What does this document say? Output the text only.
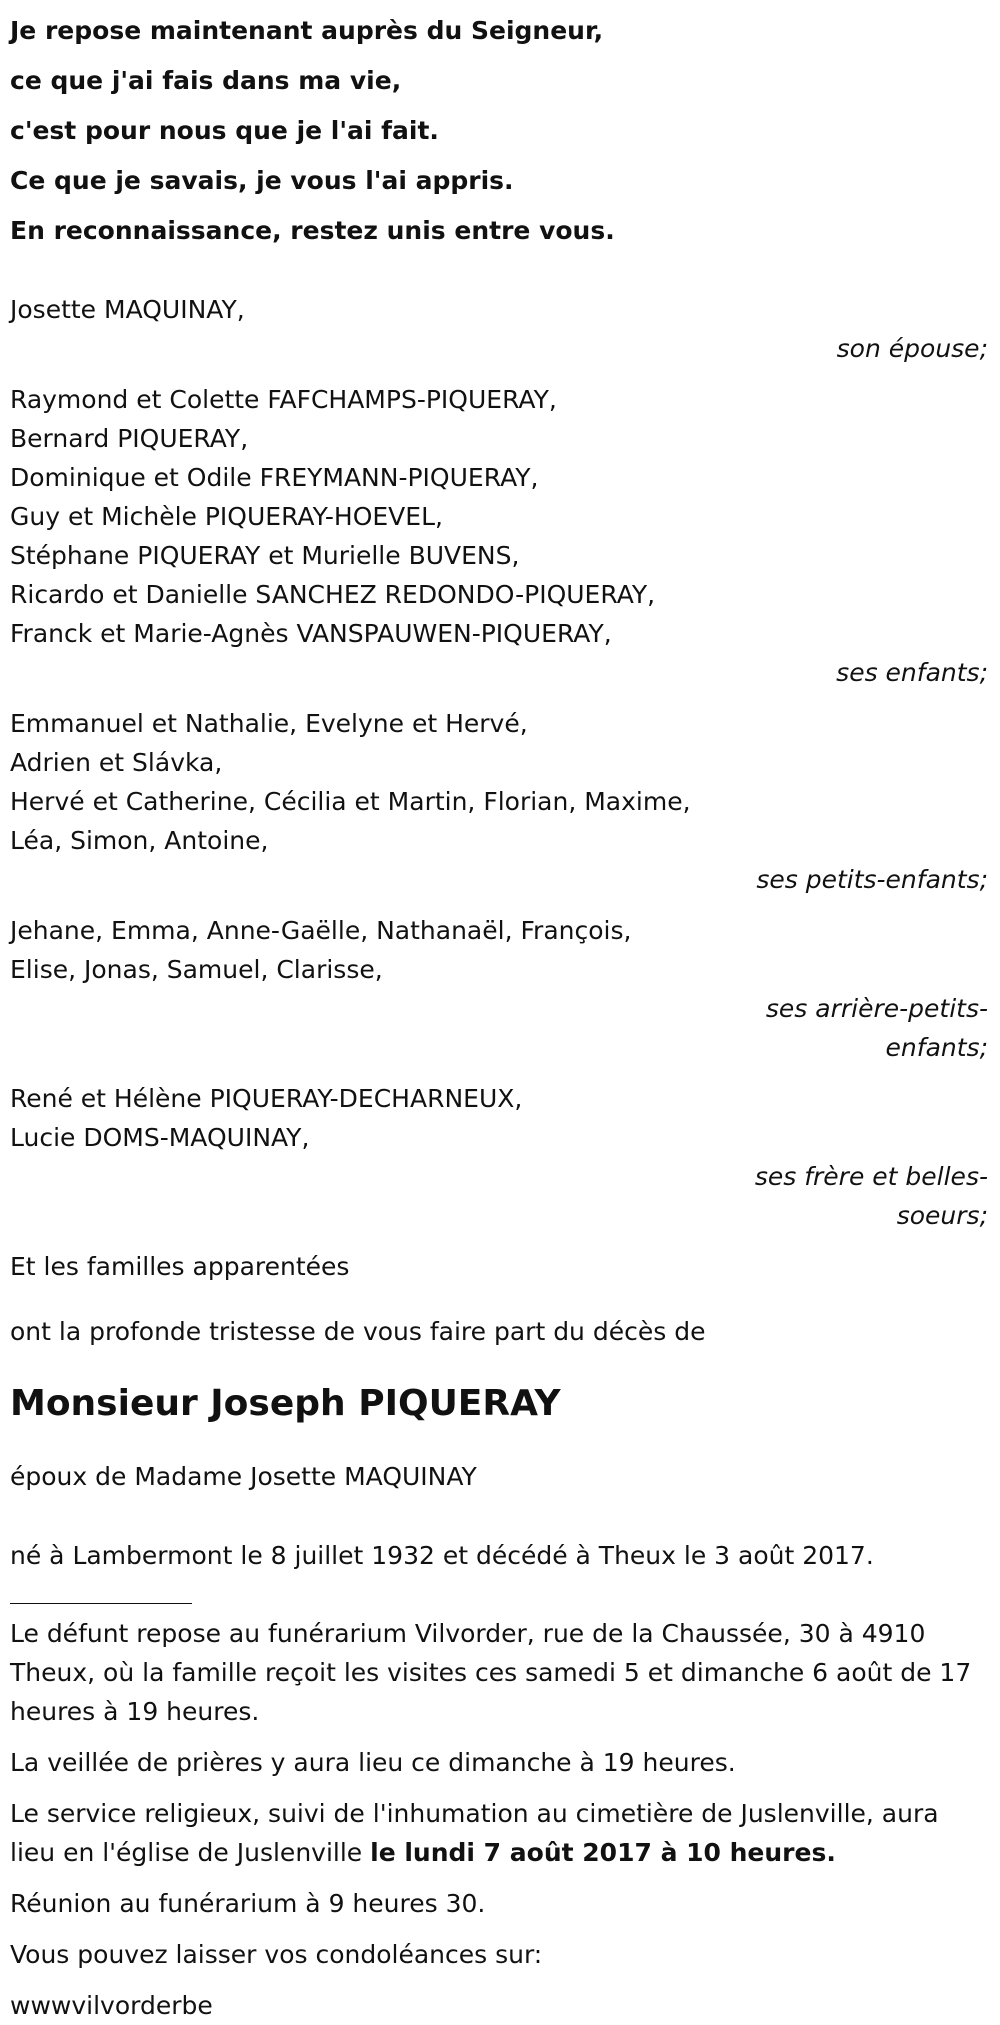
Je repose maintenant auprès du Seigneur,

ce que j'ai fais dans ma vie,

c'est pour nous que je l'ai fait.

Ce que je savais, je vous l'ai appris.

En reconnaissance, restez unis entre vous.

Josette MAQUINAY,

son épouse;

Raymond et Colette FAFCHAMPS-PIQUERAY,

Bernard PIQUERAY,

Dominique et Odile FREYMANN-PIQUERAY,

Guy et Michèle PIQUERAY-HOEVEL,

Stéphane PIQUERAY et Murielle BUVENS,

Ricardo et Danielle SANCHEZ REDONDO-PIQUERAY,

Franck et Marie-Agnès VANSPAUWEN-PIQUERAY,

ses enfants;

Emmanuel et Nathalie, Evelyne et Hervé,

Adrien et Slávka,

Hervé et Catherine, Cécilia et Martin, Florian, Maxime,

Léa, Simon, Antoine,

ses petits-enfants;

Jehane, Emma, Anne-Gaëlle, Nathanaël, François,

Elise, Jonas, Samuel, Clarisse,

ses arrière-petits-

enfants;

René et Hélène PIQUERAY-DECHARNEUX,

Lucie DOMS-MAQUINAY,

ses frère et belles-

soeurs;

Et les familles apparentées

ont la profonde tristesse de vous faire part du décès de

Monsieur Joseph PIQUERAY

époux de Madame Josette MAQUINAY

né à Lambermont le 8 juillet 1932 et décédé à Theux le 3 août 2017.

Le défunt repose au funérarium Vilvorder, rue de la Chaussée, 30 à 4910 Theux, où la famille reçoit les visites ces samedi 5 et dimanche 6 août de 17 heures à 19 heures.

La veillée de prières y aura lieu ce dimanche à 19 heures.

Le service religieux, suivi de l'inhumation au cimetière de Juslenville, aura lieu en l'église de Juslenville le lundi 7 août 2017 à 10 heures.

Réunion au funérarium à 9 heures 30.

Vous pouvez laisser vos condoléances sur:

wwwvilvorderbe
